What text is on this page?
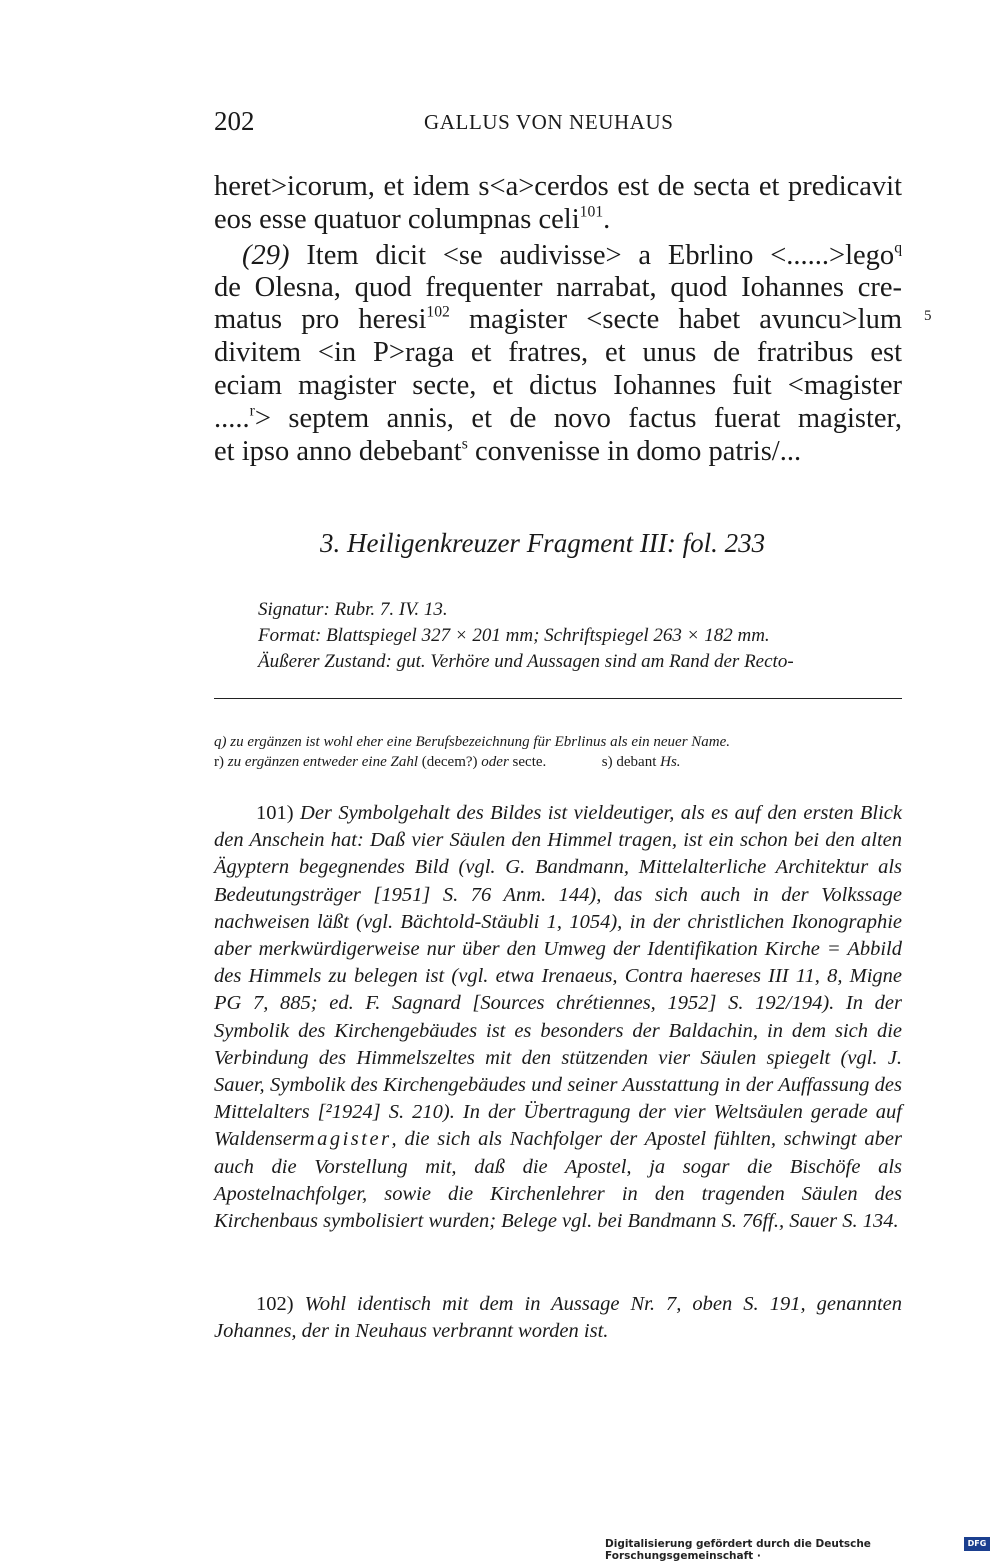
202	GALLUS VON NEUHAUS
heret>icorum, et idem s<a>cerdos est de secta et predicavit
eos esse quatuor columpnas celi$^{101}$.
(29) Item dicit <se audivisse> a Ebrlino <......>lego$^q$
de Olesna, quod frequenter narrabat, quod Iohannes cre-
matus pro heresi$^{102}$ magister <secte habet avuncu>lum
divitem <in P>raga et fratres, et unus de fratribus est
eciam magister secte, et dictus Iohannes fuit <magister
.....$^r$> septem annis, et de novo factus fuerat magister,
et ipso anno debebant$^s$ convenisse in domo patris/...
5
3. Heiligenkreuzer Fragment III: fol. 233
Signatur: Rubr. 7. IV. 13.
Format: Blattspiegel 327 × 201 mm; Schriftspiegel 263 × 182 mm.
Äußerer Zustand: gut. Verhöre und Aussagen sind am Rand der Recto-
q) zu ergänzen ist wohl eher eine Berufsbezeichnung für Ebrlinus als ein neuer Name.
r) zu ergänzen entweder eine Zahl (decem?) oder secte.	s) debant Hs.
101) Der Symbolgehalt des Bildes ist vieldeutiger, als es auf den ersten Blick den Anschein hat: Daß vier Säulen den Himmel tragen, ist ein schon bei den alten Ägyptern begegnendes Bild (vgl. G. Bandmann, Mittelalterliche Architektur als Bedeutungsträger [1951] S. 76 Anm. 144), das sich auch in der Volkssage nachweisen läßt (vgl. Bächtold-Stäubli 1, 1054), in der christlichen Ikonographie aber merkwürdigerweise nur über den Umweg der Identifikation Kirche = Abbild des Himmels zu belegen ist (vgl. etwa Irenaeus, Contra haereses III 11, 8, Migne PG 7, 885; ed. F. Sagnard [Sources chrétiennes, 1952] S. 192/194). In der Symbolik des Kirchengebäudes ist es besonders der Baldachin, in dem sich die Verbindung des Himmelszeltes mit den stützenden vier Säulen spiegelt (vgl. J. Sauer, Symbolik des Kirchengebäudes und seiner Ausstattung in der Auffassung des Mittelalters [²1924] S. 210). In der Übertragung der vier Weltsäulen gerade auf Waldensermagister, die sich als Nachfolger der Apostel fühlten, schwingt aber auch die Vorstellung mit, daß die Apostel, ja sogar die Bischöfe als Apostelnachfolger, sowie die Kirchenlehrer in den tragenden Säulen des Kirchenbaus symbolisiert wurden; Belege vgl. bei Bandmann S. 76ff., Sauer S. 134.
102) Wohl identisch mit dem in Aussage Nr. 7, oben S. 191, genannten Johannes, der in Neuhaus verbrannt worden ist.
Digitalisierung gefördert durch die Deutsche Forschungsgemeinschaft ·
DFG
